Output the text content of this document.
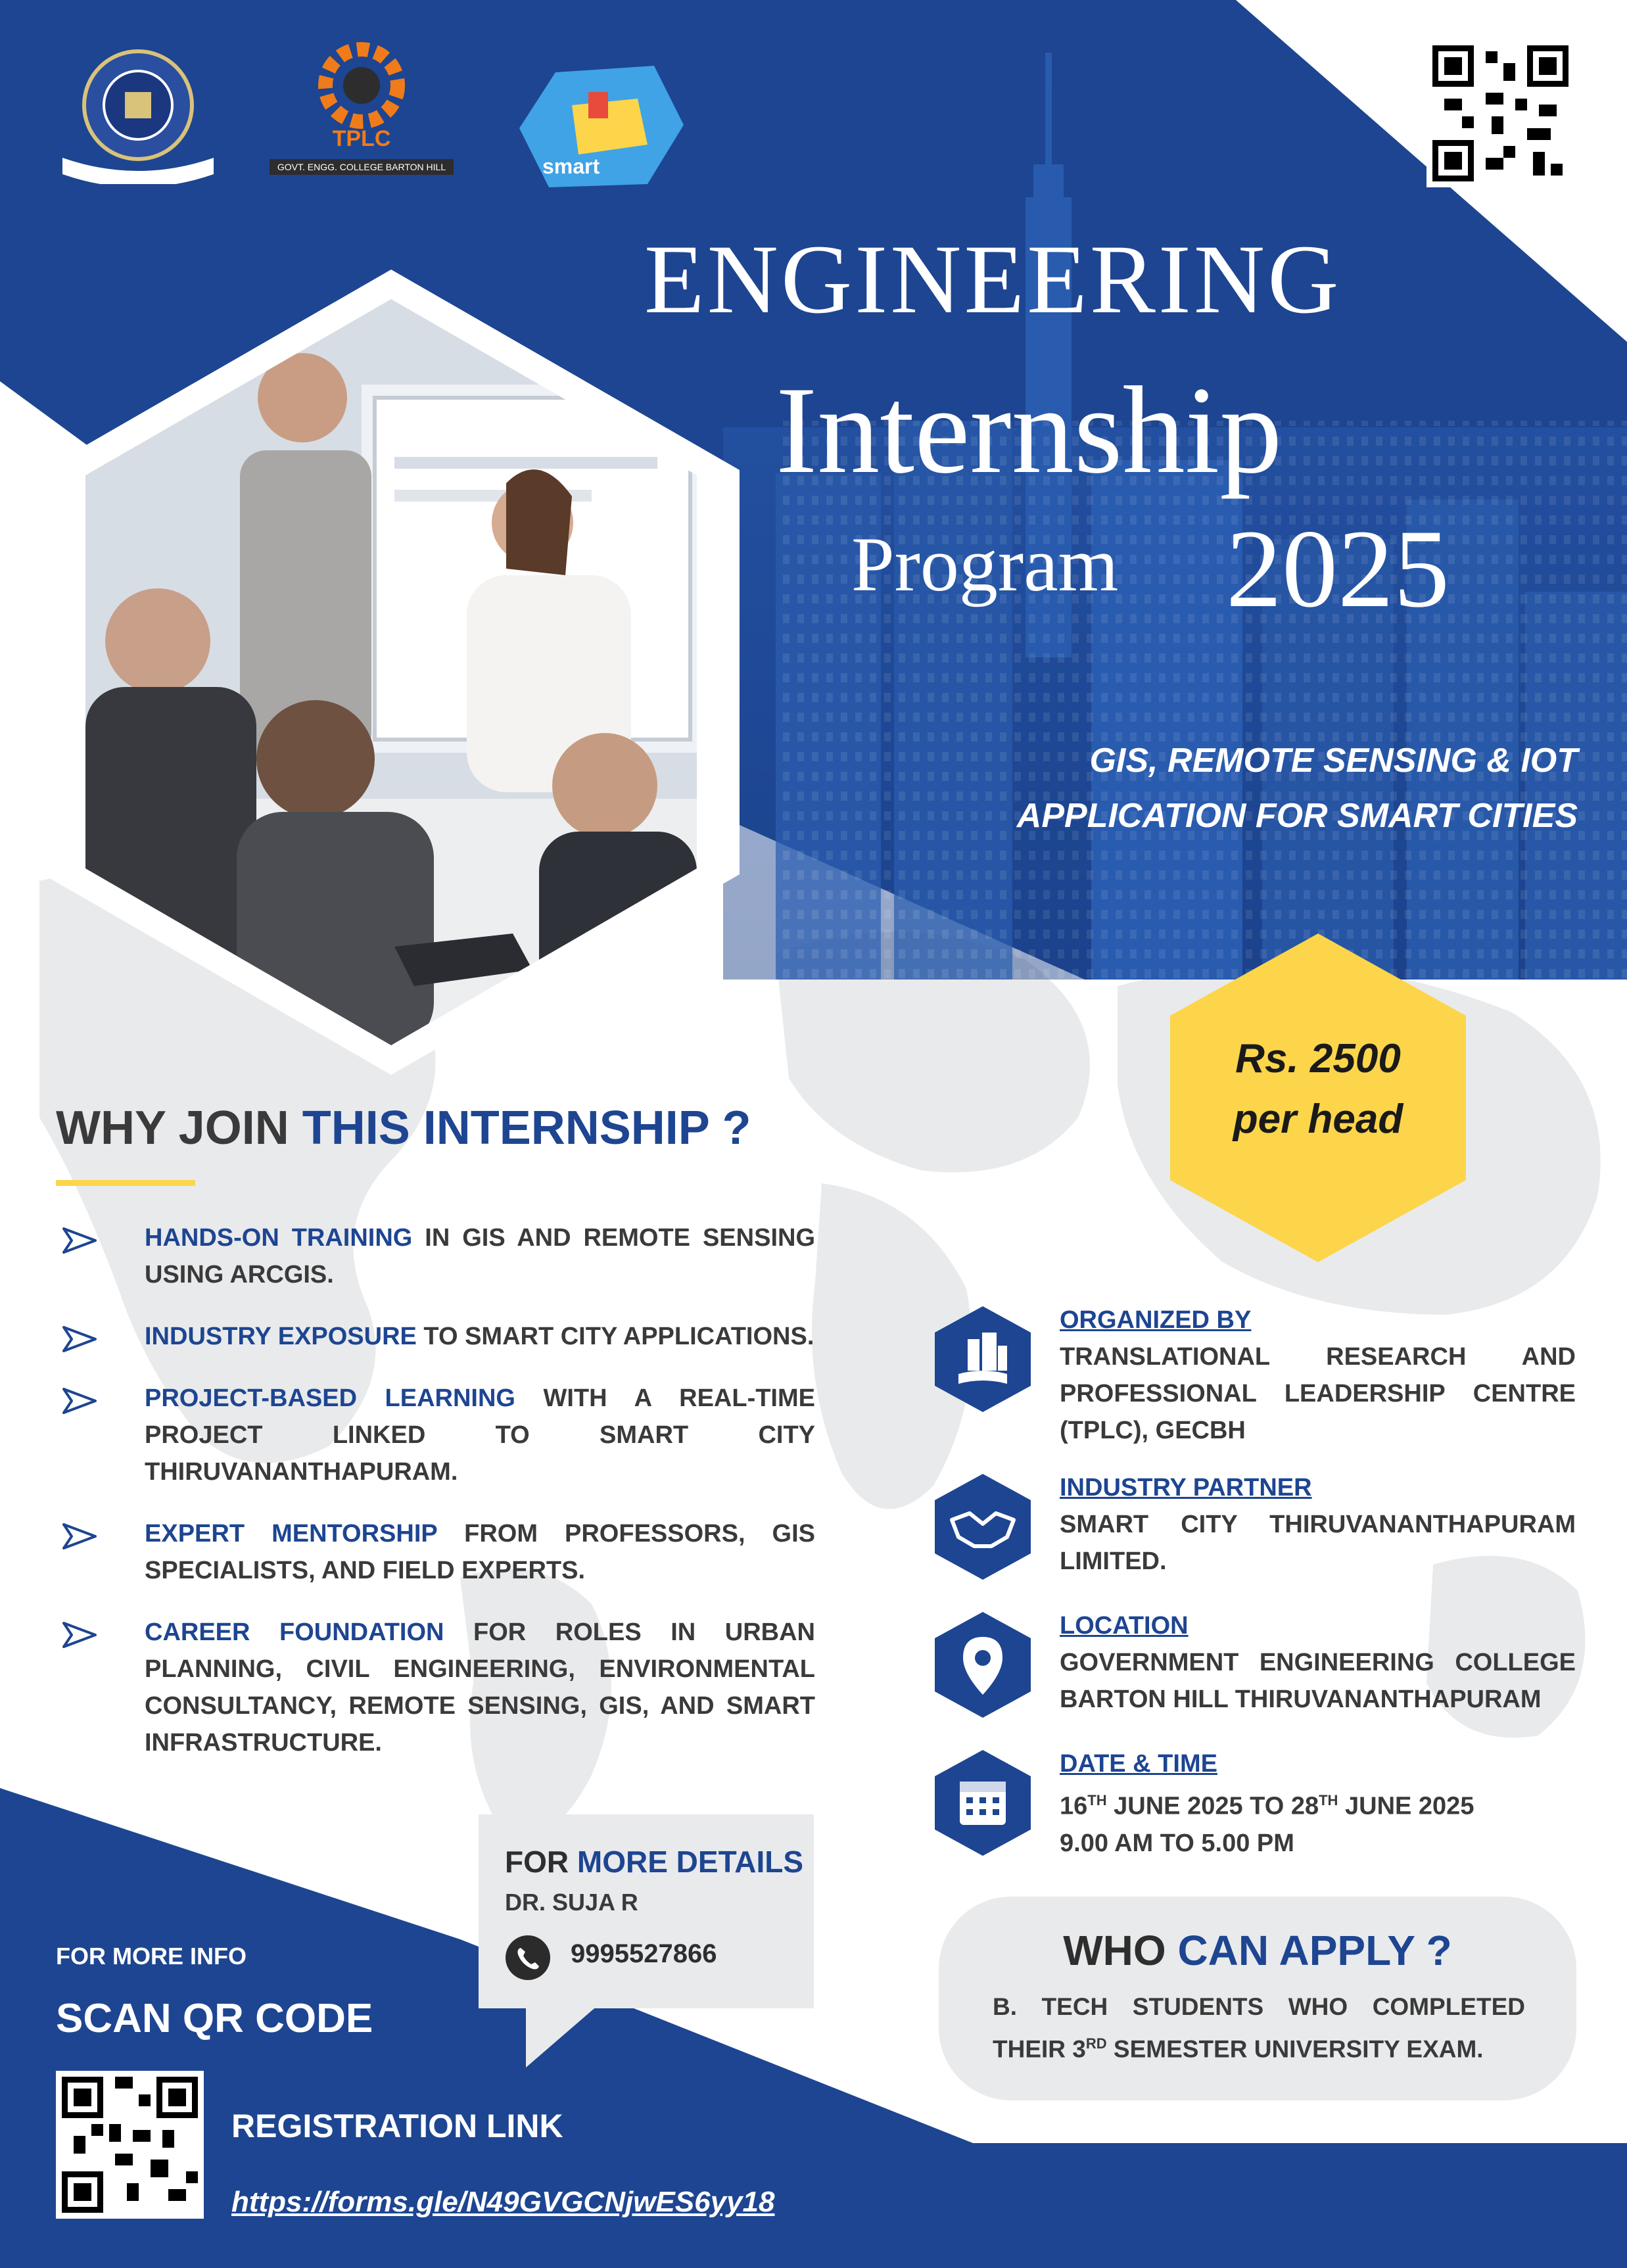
TPLC
GOVT. ENGG. COLLEGE BARTON HILL	smart
ENGINEERING
Internship
Program 2025
GIS, REMOTE SENSING & IOT
APPLICATION FOR SMART CITIES
Rs. 2500
per head
WHY JOIN THIS INTERNSHIP ?
HANDS-ON TRAINING IN GIS AND REMOTE SENSING USING ARCGIS.
INDUSTRY EXPOSURE TO SMART CITY APPLICATIONS.
PROJECT-BASED LEARNING WITH A REAL-TIME PROJECT LINKED TO SMART CITY THIRUVANANTHAPURAM.
EXPERT MENTORSHIP FROM PROFESSORS, GIS SPECIALISTS, AND FIELD EXPERTS.
CAREER FOUNDATION FOR ROLES IN URBAN PLANNING, CIVIL ENGINEERING, ENVIRONMENTAL CONSULTANCY, REMOTE SENSING, GIS, AND SMART INFRASTRUCTURE.
ORGANIZED BY
TRANSLATIONAL RESEARCH AND PROFESSIONAL LEADERSHIP CENTRE (TPLC), GECBH
INDUSTRY PARTNER
SMART CITY THIRUVANANTHAPURAM LIMITED.
LOCATION
GOVERNMENT ENGINEERING COLLEGE BARTON HILL THIRUVANANTHAPURAM
DATE & TIME
16TH JUNE 2025 TO 28TH JUNE 2025
9.00 AM TO 5.00 PM
WHO CAN APPLY ?
B. TECH STUDENTS WHO COMPLETED THEIR 3RD SEMESTER UNIVERSITY EXAM.
FOR MORE DETAILS
DR. SUJA R
9995527866
FOR MORE INFO
SCAN QR CODE
REGISTRATION LINK
https://forms.gle/N49GVGCNjwES6yy18
